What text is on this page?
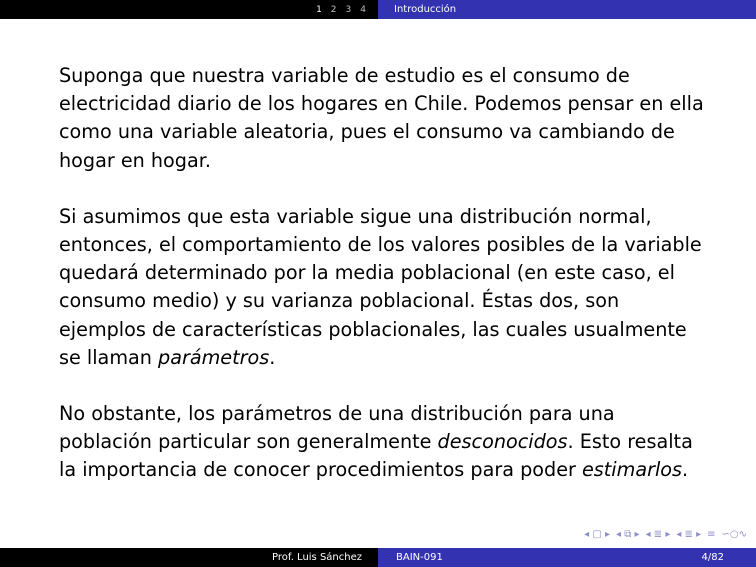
1 2 3 4	Introducción

Suponga que nuestra variable de estudio es el consumo de electricidad diario de los hogares en Chile. Podemos pensar en ella como una variable aleatoria, pues el consumo va cambiando de hogar en hogar.

Si asumimos que esta variable sigue una distribución normal, entonces, el comportamiento de los valores posibles de la variable quedará determinado por la media poblacional (en este caso, el consumo medio) y su varianza poblacional. Éstas dos, son ejemplos de características poblacionales, las cuales usualmente se llaman parámetros.

No obstante, los parámetros de una distribución para una población particular son generalmente desconocidos. Esto resalta la importancia de conocer procedimientos para poder estimarlos.

◂ ▢ ▸ ◂ ⧉ ▸ ◂ ≣ ▸ ◂ ≣ ▸ ≡ ∽○∿
Prof. Luis Sánchez	BAIN-091	4/82
